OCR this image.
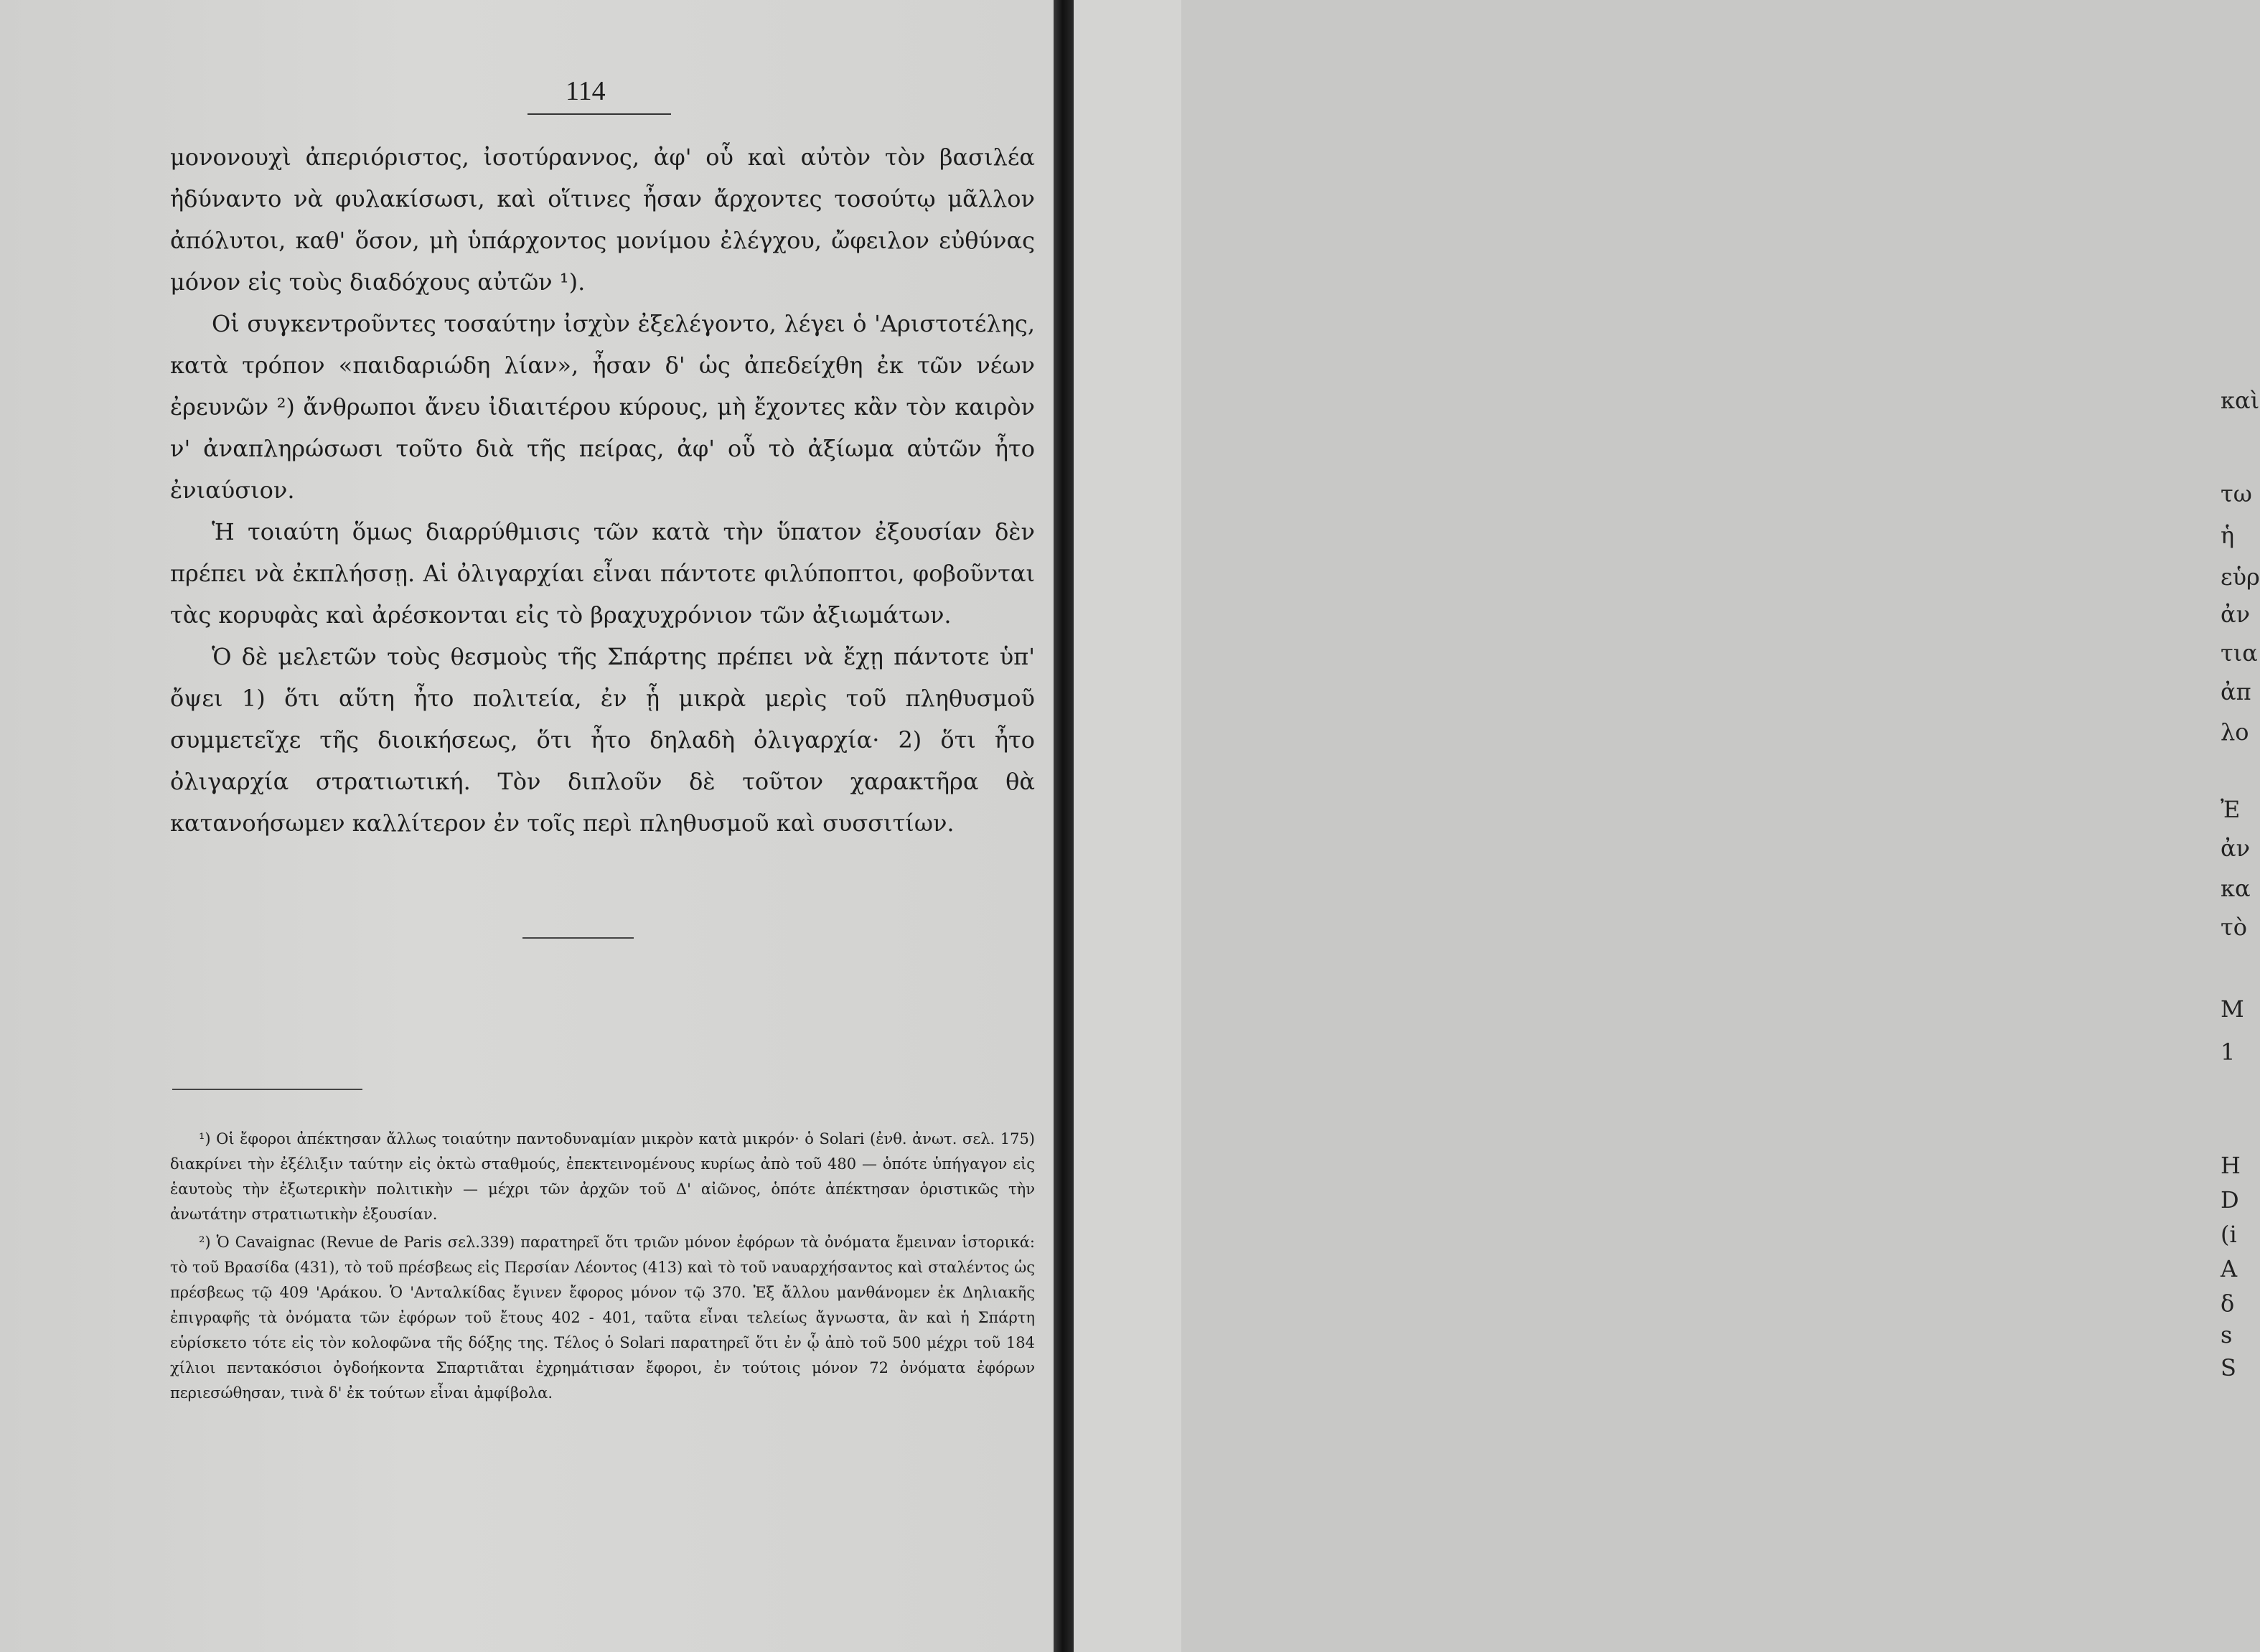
114

μονονουχὶ ἀπεριόριστος, ἰσοτύραννος, ἀφ' οὗ καὶ αὐτὸν τὸν βασιλέα ἠδύναντο νὰ φυλακίσωσι, καὶ οἵτινες ἦσαν ἄρχοντες τοσούτῳ μᾶλλον ἀπόλυτοι, καθ' ὅσον, μὴ ὑπάρχοντος μονίμου ἐλέγχου, ὤφειλον εὐθύνας μόνον εἰς τοὺς διαδόχους αὐτῶν ¹).

Οἱ συγκεντροῦντες τοσαύτην ἰσχὺν ἐξελέγοντο, λέγει ὁ 'Αριστοτέλης, κατὰ τρόπον «παιδαριώδη λίαν», ἦσαν δ' ὡς ἀπεδείχθη ἐκ τῶν νέων ἐρευνῶν ²) ἄνθρωποι ἄνευ ἰδιαιτέρου κύρους, μὴ ἔχοντες κἂν τὸν καιρὸν ν' ἀναπληρώσωσι τοῦτο διὰ τῆς πείρας, ἀφ' οὗ τὸ ἀξίωμα αὐτῶν ἦτο ἐνιαύσιον.

Ἡ τοιαύτη ὅμως διαρρύθμισις τῶν κατὰ τὴν ὕπατον ἐξουσίαν δὲν πρέπει νὰ ἐκπλήσσῃ. Αἱ ὀλιγαρχίαι εἶναι πάντοτε φιλύποπτοι, φοβοῦνται τὰς κορυφὰς καὶ ἀρέσκονται εἰς τὸ βραχυχρόνιον τῶν ἀξιωμάτων.

Ὁ δὲ μελετῶν τοὺς θεσμοὺς τῆς Σπάρτης πρέπει νὰ ἔχῃ πάντοτε ὑπ' ὄψει 1) ὅτι αὕτη ἦτο πολιτεία, ἐν ᾗ μικρὰ μερὶς τοῦ πληθυσμοῦ συμμετεῖχε τῆς διοικήσεως, ὅτι ἦτο δηλαδὴ ὀλιγαρχία· 2) ὅτι ἦτο ὀλιγαρχία στρατιωτική. Τὸν διπλοῦν δὲ τοῦτον χαρακτῆρα θὰ κατανοήσωμεν καλλίτερον ἐν τοῖς περὶ πληθυσμοῦ καὶ συσσιτίων.

¹) Οἱ ἔφοροι ἀπέκτησαν ἄλλως τοιαύτην παντοδυναμίαν μικρὸν κατὰ μικρόν· ὁ Solari (ἐνθ. ἀνωτ. σελ. 175) διακρίνει τὴν ἐξέλιξιν ταύτην εἰς ὀκτὼ σταθμούς, ἐπεκτεινομένους κυρίως ἀπὸ τοῦ 480 — ὁπότε ὑπήγαγον εἰς ἑαυτοὺς τὴν ἐξωτερικὴν πολιτικὴν — μέχρι τῶν ἀρχῶν τοῦ Δ' αἰῶνος, ὁπότε ἀπέκτησαν ὁριστικῶς τὴν ἀνωτάτην στρατιωτικὴν ἐξουσίαν.

²) Ὁ Cavaignac (Revue de Paris σελ.339) παρατηρεῖ ὅτι τριῶν μόνον ἐφόρων τὰ ὀνόματα ἔμειναν ἱστορικά: τὸ τοῦ Βρασίδα (431), τὸ τοῦ πρέσβεως εἰς Περσίαν Λέοντος (413) καὶ τὸ τοῦ ναυαρχήσαντος καὶ σταλέντος ὡς πρέσβεως τῷ 409 'Αράκου. Ὁ 'Ανταλκίδας ἔγινεν ἔφορος μόνον τῷ 370. Ἐξ ἄλλου μανθάνομεν ἐκ Δηλιακῆς ἐπιγραφῆς τὰ ὀνόματα τῶν ἐφόρων τοῦ ἔτους 402 - 401, ταῦτα εἶναι τελείως ἄγνωστα, ἂν καὶ ἡ Σπάρτη εὑρίσκετο τότε εἰς τὸν κολοφῶνα τῆς δόξης της. Τέλος ὁ Solari παρατηρεῖ ὅτι ἐν ᾧ ἀπὸ τοῦ 500 μέχρι τοῦ 184 χίλιοι πεντακόσιοι ὀγδοήκοντα Σπαρτιᾶται ἐχρημάτισαν ἔφοροι, ἐν τούτοις μόνον 72 ὀνόματα ἐφόρων περιεσώθησαν, τινὰ δ' ἐκ τούτων εἶναι ἀμφίβολα.

καὶ
τω
ἡ
εὑρ
ἀν
τια
ἀπ
λο
Ἐ
ἀν
κα
τὸ
M
1
H
D
(i
A
δ
s
S
